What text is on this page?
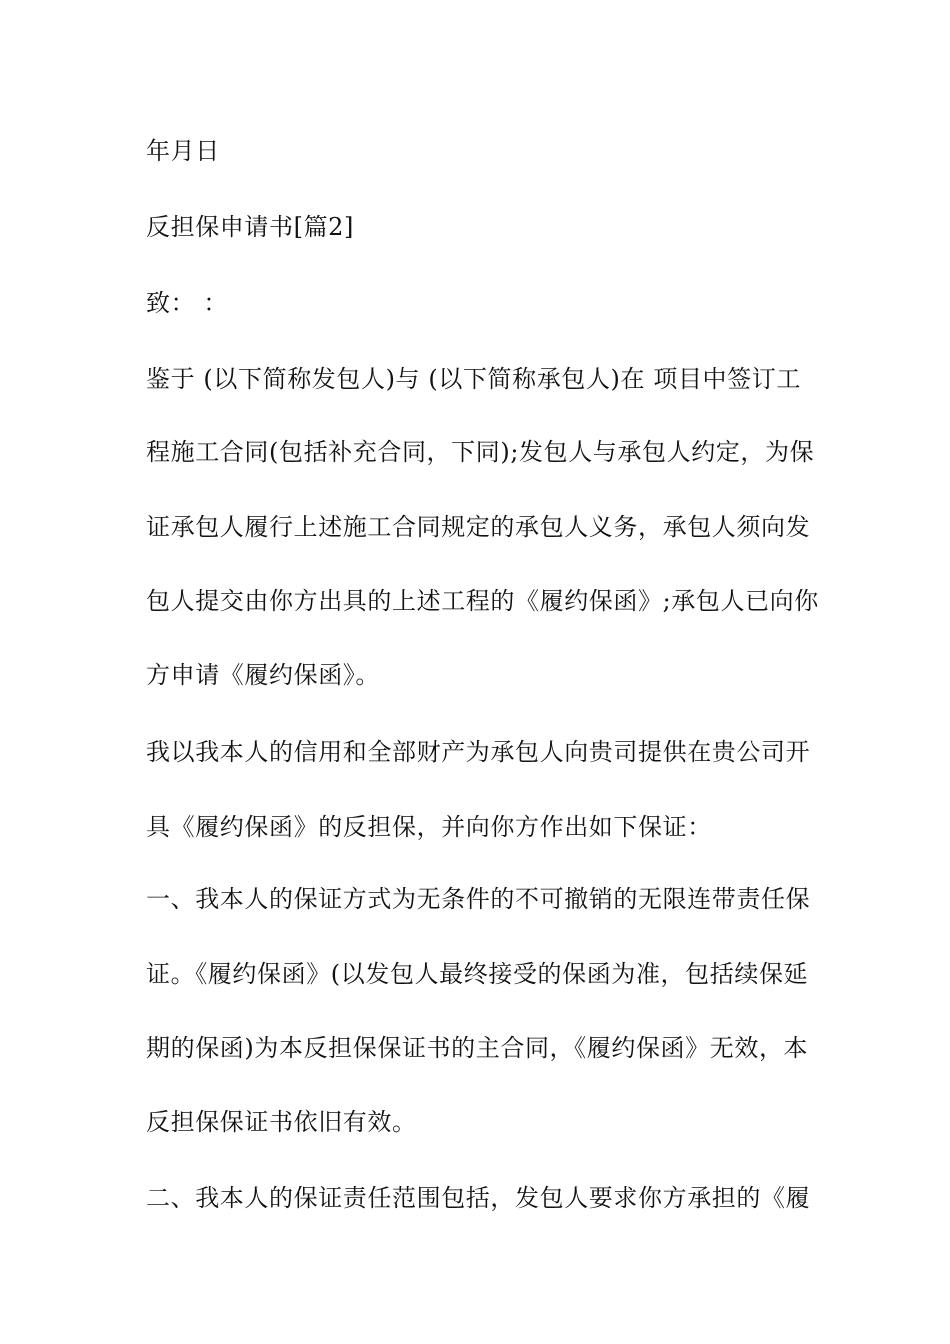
年月日
反担保申请书[篇2]
致： ：
鉴于 (以下简称发包人)与 (以下简称承包人)在 项目中签订工
程施工合同(包括补充合同，下同);发包人与承包人约定，为保
证承包人履行上述施工合同规定的承包人义务，承包人须向发
包人提交由你方出具的上述工程的《履约保函》;承包人已向你
方申请《履约保函》。
我以我本人的信用和全部财产为承包人向贵司提供在贵公司开
具《履约保函》的反担保，并向你方作出如下保证：
一、我本人的保证方式为无条件的不可撤销的无限连带责任保
证。《履约保函》(以发包人最终接受的保函为准，包括续保延
期的保函)为本反担保保证书的主合同，《履约保函》无效，本
反担保保证书依旧有效。
二、我本人的保证责任范围包括，发包人要求你方承担的《履
